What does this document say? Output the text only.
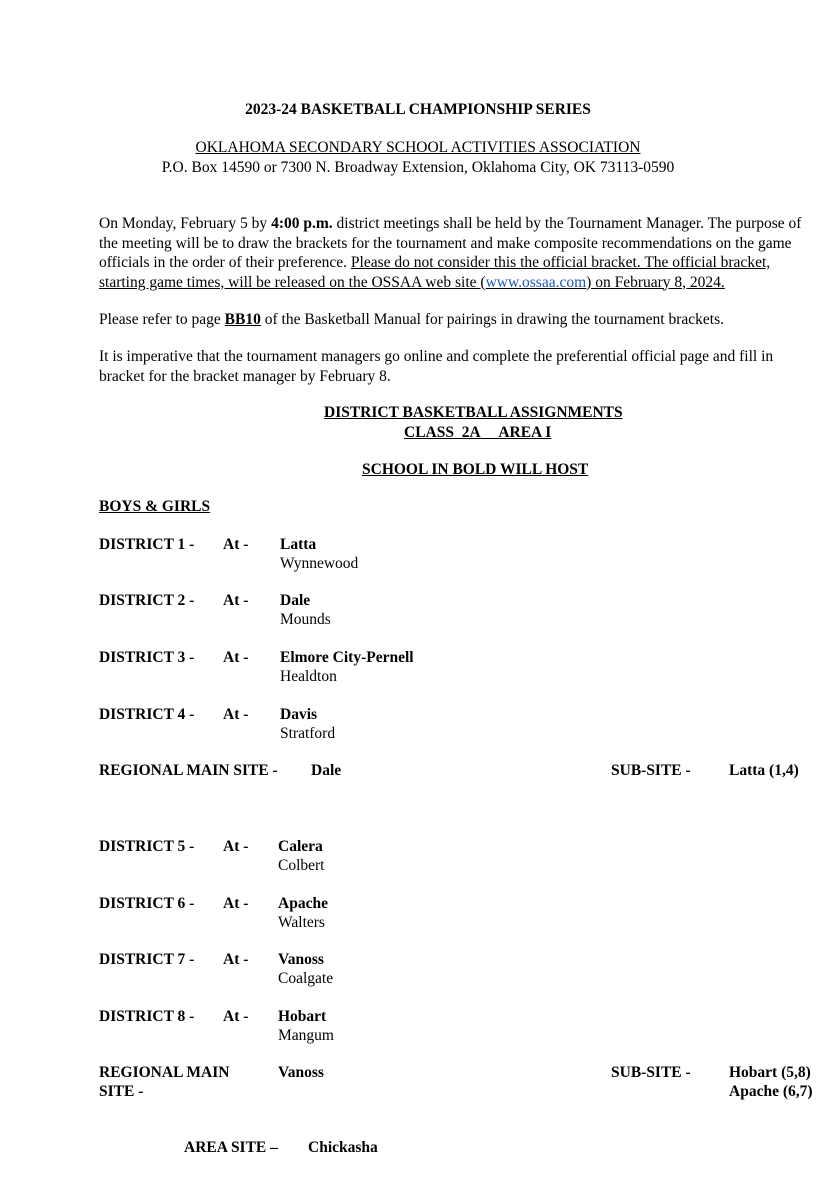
2023-24 BASKETBALL CHAMPIONSHIP SERIES
OKLAHOMA SECONDARY SCHOOL ACTIVITIES ASSOCIATION
P.O. Box 14590 or 7300 N. Broadway Extension, Oklahoma City, OK 73113-0590
On Monday, February 5 by 4:00 p.m. district meetings shall be held by the Tournament Manager. The purpose of
the meeting will be to draw the brackets for the tournament and make composite recommendations on the game
officials in the order of their preference. Please do not consider this the official bracket. The official bracket,
starting game times, will be released on the OSSAA web site (www.ossaa.com) on February 8, 2024.
Please refer to page BB10 of the Basketball Manual for pairings in drawing the tournament brackets.
It is imperative that the tournament managers go online and complete the preferential official page and fill in
bracket for the bracket manager by February 8.
DISTRICT BASKETBALL ASSIGNMENTS
CLASS  2A     AREA I
SCHOOL IN BOLD WILL HOST
BOYS & GIRLS
DISTRICT 1 - At - Latta
Wynnewood
DISTRICT 2 - At - Dale
Mounds
DISTRICT 3 - At - Elmore City-Pernell
Healdton
DISTRICT 4 - At - Davis
Stratford
REGIONAL MAIN SITE - Dale	SUB-SITE - Latta (1,4)
DISTRICT 5 - At - Calera
Colbert
DISTRICT 6 - At - Apache
Walters
DISTRICT 7 - At - Vanoss
Coalgate
DISTRICT 8 - At - Hobart
Mangum
REGIONAL MAIN
SITE -
Vanoss	SUB-SITE - Hobart (5,8)
Apache (6,7)
AREA SITE – Chickasha
